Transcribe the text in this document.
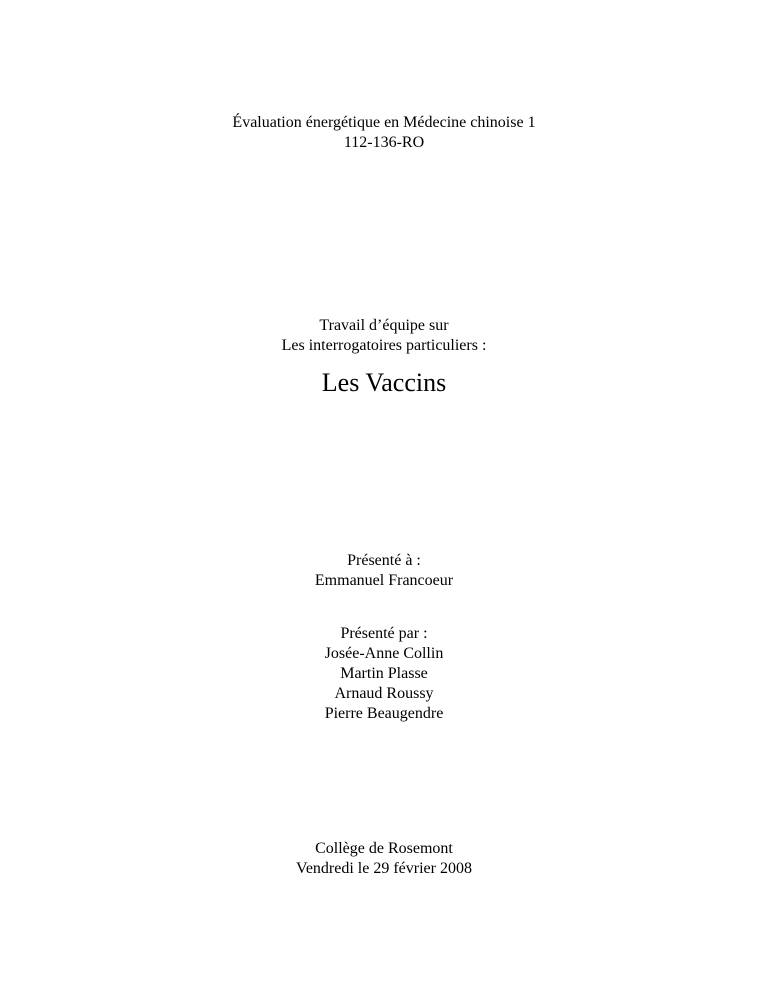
Évaluation énergétique en Médecine chinoise 1
112-136-RO
Travail d’équipe sur
Les interrogatoires particuliers :
Les Vaccins
Présenté à :
Emmanuel Francoeur
Présenté par :
Josée-Anne Collin
Martin Plasse
Arnaud Roussy
Pierre Beaugendre
Collège de Rosemont
Vendredi le 29 février 2008
